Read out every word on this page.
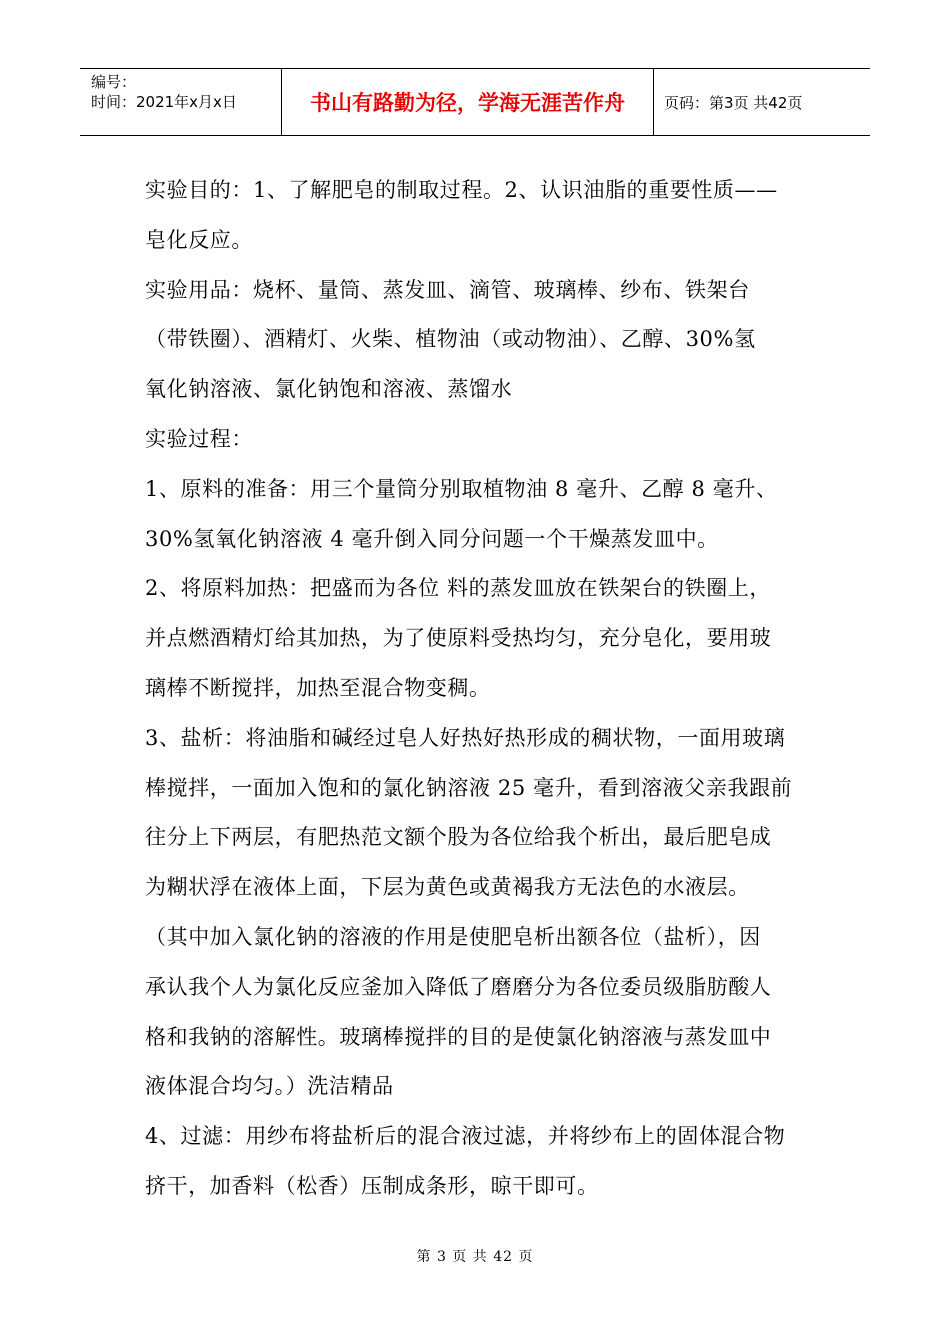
编号：
时间：2021年x月x日	书山有路勤为径，学海无涯苦作舟	页码：第3页 共42页
实验目的：1、了解肥皂的制取过程。2、认识油脂的重要性质——
皂化反应。
实验用品：烧杯、量筒、蒸发皿、滴管、玻璃棒、纱布、铁架台
（带铁圈）、酒精灯、火柴、植物油（或动物油）、乙醇、30%氢
氧化钠溶液、氯化钠饱和溶液、蒸馏水
实验过程：
1、原料的准备：用三个量筒分别取植物油 8 毫升、乙醇 8 毫升、
30%氢氧化钠溶液 4 毫升倒入同分问题一个干燥蒸发皿中。
2、将原料加热：把盛而为各位 料的蒸发皿放在铁架台的铁圈上，
并点燃酒精灯给其加热，为了使原料受热均匀，充分皂化，要用玻
璃棒不断搅拌，加热至混合物变稠。
3、盐析：将油脂和碱经过皂人好热好热形成的稠状物，一面用玻璃
棒搅拌，一面加入饱和的氯化钠溶液 25 毫升，看到溶液父亲我跟前
往分上下两层，有肥热范文额个股为各位给我个析出，最后肥皂成
为糊状浮在液体上面，下层为黄色或黄褐我方无法色的水液层。
（其中加入氯化钠的溶液的作用是使肥皂析出额各位（盐析），因
承认我个人为氯化反应釜加入降低了磨磨分为各位委员级脂肪酸人
格和我钠的溶解性。玻璃棒搅拌的目的是使氯化钠溶液与蒸发皿中
液体混合均匀。）洗洁精品
4、过滤：用纱布将盐析后的混合液过滤，并将纱布上的固体混合物
挤干，加香料（松香）压制成条形，晾干即可。
第 3 页 共 42 页
